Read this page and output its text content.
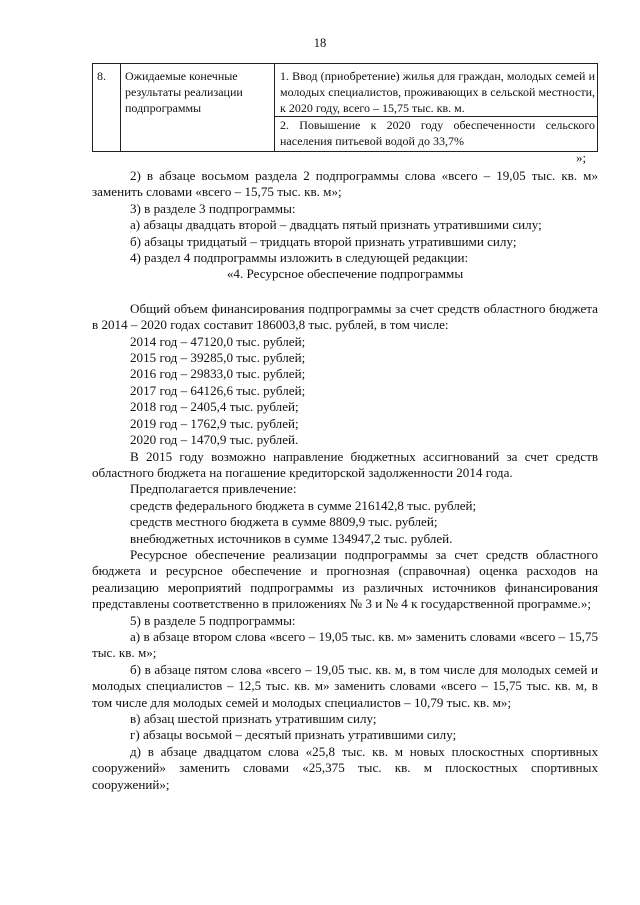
18
8.	Ожидаемые конечные результаты реализации подпрограммы

1. Ввод (приобретение) жилья для граждан, молодых семей и молодых специалистов, проживающих в сельской местности, к 2020 году, всего – 15,75 тыс. кв. м.

2. Повышение к 2020 году обеспеченности сельского населения питьевой водой до 33,7%

»;

2) в абзаце восьмом раздела 2 подпрограммы слова «всего – 19,05 тыс. кв. м» заменить словами «всего – 15,75 тыс. кв. м»;

3) в разделе 3 подпрограммы:

а) абзацы двадцать второй – двадцать пятый признать утратившими силу;

б) абзацы тридцатый – тридцать второй признать утратившими силу;

4) раздел 4 подпрограммы изложить в следующей редакции:

«4. Ресурсное обеспечение подпрограммы

Общий объем финансирования подпрограммы за счет средств областного бюджета в 2014 – 2020 годах составит 186003,8 тыс. рублей, в том числе:

2014 год – 47120,0 тыс. рублей;

2015 год – 39285,0 тыс. рублей;

2016 год – 29833,0 тыс. рублей;

2017 год – 64126,6 тыс. рублей;

2018 год – 2405,4 тыс. рублей;

2019 год – 1762,9 тыс. рублей;

2020 год – 1470,9 тыс. рублей.

В 2015 году возможно направление бюджетных ассигнований за счет средств областного бюджета на погашение кредиторской задолженности 2014 года.

Предполагается привлечение:

средств федерального бюджета в сумме 216142,8 тыс. рублей;

средств местного бюджета в сумме 8809,9 тыс. рублей;

внебюджетных источников в сумме 134947,2 тыс. рублей.

Ресурсное обеспечение реализации подпрограммы за счет средств областного бюджета и ресурсное обеспечение и прогнозная (справочная) оценка расходов на реализацию мероприятий подпрограммы из различных источников финансирования представлены соответственно в приложениях № 3 и № 4 к государственной программе.»;

5) в разделе 5 подпрограммы:

а) в абзаце втором слова «всего – 19,05 тыс. кв. м» заменить словами «всего – 15,75 тыс. кв. м»;

б) в абзаце пятом слова «всего – 19,05 тыс. кв. м, в том числе для молодых семей и молодых специалистов – 12,5 тыс. кв. м» заменить словами «всего – 15,75 тыс. кв. м, в том числе для молодых семей и молодых специалистов – 10,79 тыс. кв. м»;

в) абзац шестой признать утратившим силу;

г) абзацы восьмой – десятый признать утратившими силу;

д) в абзаце двадцатом слова «25,8 тыс. кв. м новых плоскостных спортивных сооружений» заменить словами «25,375 тыс. кв. м плоскостных спортивных сооружений»;
